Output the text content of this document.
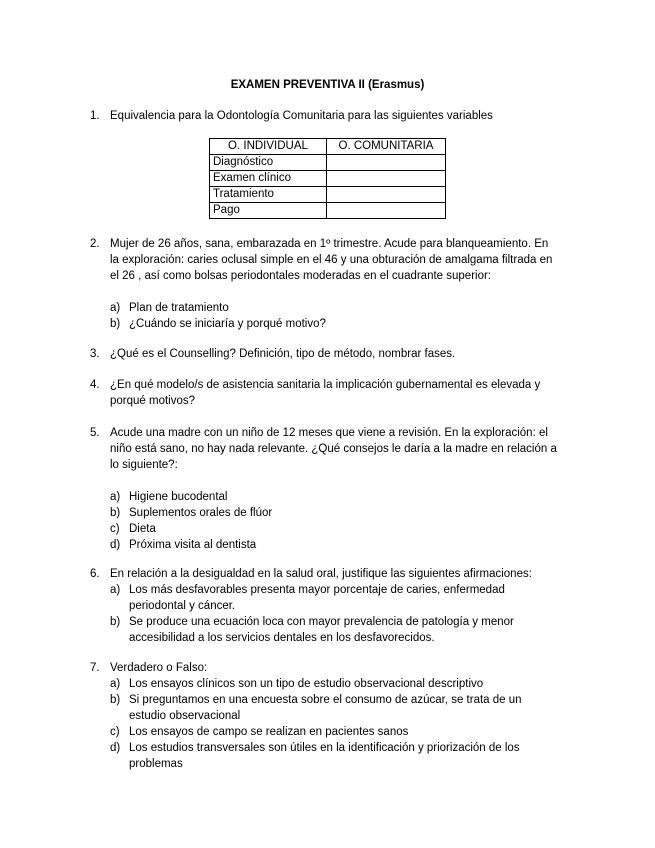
EXAMEN PREVENTIVA II (Erasmus)
1. Equivalencia para la Odontología Comunitaria para las siguientes variables
O. INDIVIDUAL	O. COMUNITARIA
Diagnóstico	
Examen clínico	
Tratamiento	
Pago	
2. Mujer de 26 años, sana, embarazada en 1º trimestre. Acude para blanqueamiento. En
la exploración: caries oclusal simple en el 46 y una obturación de amalgama filtrada en
el 26 , así como bolsas periodontales moderadas en el cuadrante superior:
a) Plan de tratamiento
b) ¿Cuándo se iniciaría y porqué motivo?
3. ¿Qué es el Counselling? Definición, tipo de método, nombrar fases.
4. ¿En qué modelo/s de asistencia sanitaria la implicación gubernamental es elevada y
porqué motivos?
5. Acude una madre con un niño de 12 meses que viene a revisión. En la exploración: el
niño está sano, no hay nada relevante. ¿Qué consejos le daría a la madre en relación a
lo siguiente?:
a) Higiene bucodental
b) Suplementos orales de flúor
c) Dieta
d) Próxima visita al dentista
6. En relación a la desigualdad en la salud oral, justifique las siguientes afirmaciones:
a) Los más desfavorables presenta mayor porcentaje de caries, enfermedad
periodontal y cáncer.
b) Se produce una ecuación loca con mayor prevalencia de patología y menor
accesibilidad a los servicios dentales en los desfavorecidos.
7. Verdadero o Falso:
a) Los ensayos clínicos son un tipo de estudio observacional descriptivo
b) Si preguntamos en una encuesta sobre el consumo de azúcar, se trata de un
estudio observacional
c) Los ensayos de campo se realizan en pacientes sanos
d) Los estudios transversales son útiles en la identificación y priorización de los
problemas
